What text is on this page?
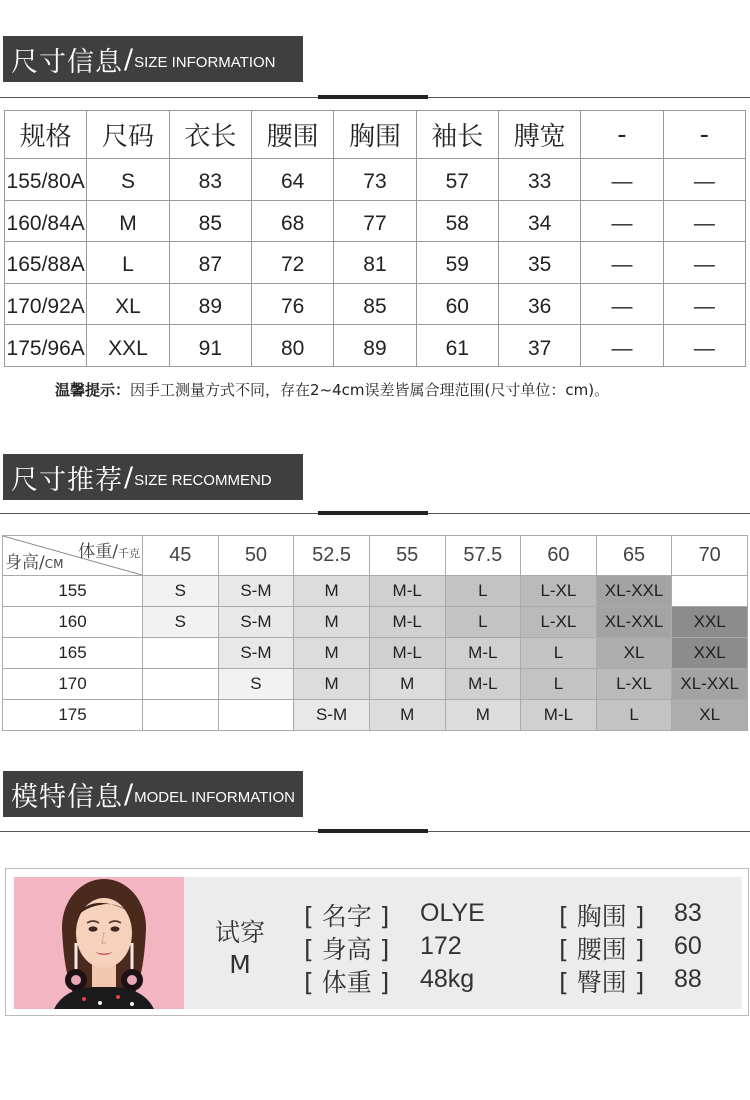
尺寸信息 / SIZE INFORMATION
规格	尺码	衣长	腰围	胸围	袖长	膊宽	-	-
155/80A	S	83	64	73	57	33	—	—
160/84A	M	85	68	77	58	34	—	—
165/88A	L	87	72	81	59	35	—	—
170/92A	XL	89	76	85	60	36	—	—
175/96A	XXL	91	80	89	61	37	—	—
温馨提示：因手工测量方式不同，存在2~4cm误差皆属合理范围(尺寸单位：cm)。
尺寸推荐 / SIZE RECOMMEND
体重/千克
身高/CM	45	50	52.5	55	57.5	60	65	70
155	S	S-M	M	M-L	L	L-XL	XL-XXL	
160	S	S-M	M	M-L	L	L-XL	XL-XXL	XXL
165		S-M	M	M-L	M-L	L	XL	XXL
170		S	M	M	M-L	L	L-XL	XL-XXL
175			S-M	M	M	M-L	L	XL
模特信息 / MODEL INFORMATION
试穿
M
[ 名字 ] OLYE
[ 身高 ] 172
[ 体重 ] 48kg
[ 胸围 ] 83
[ 腰围 ] 60
[ 臀围 ] 88
